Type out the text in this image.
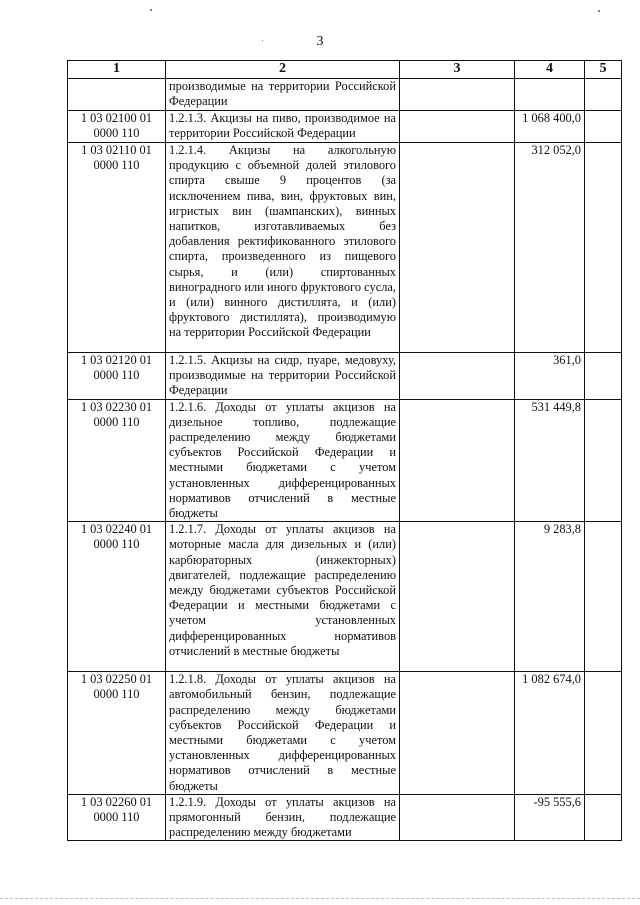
3
1	2	3	4	5

	производимые на территории Российской Федерации			

1 03 02100 01 0000 110	1.2.1.3. Акцизы на пиво, производимое на территории Российской Федерации		1 068 400,0	
1 03 02110 01 0000 110	1.2.1.4. Акцизы на алкогольную продукцию с объемной долей этилового спирта свыше 9 процентов (за исключением пива, вин, фруктовых вин, игристых вин (шампанских), винных напитков, изготавливаемых без добавления ректификованного этилового спирта, произведенного из пищевого сырья, и (или) спиртованных виноградного или иного фруктового сусла, и (или) винного дистиллята, и (или) фруктового дистиллята), производимую на территории Российской Федерации		312 052,0	
1 03 02120 01 0000 110	1.2.1.5. Акцизы на сидр, пуаре, медовуху, производимые на территории Российской Федерации		361,0	
1 03 02230 01 0000 110	1.2.1.6. Доходы от уплаты акцизов на дизельное топливо, подлежащие распределению между бюджетами субъектов Российской Федерации и местными бюджетами с учетом установленных дифференцированных нормативов отчислений в местные бюджеты		531 449,8	
1 03 02240 01 0000 110	1.2.1.7. Доходы от уплаты акцизов на моторные масла для дизельных и (или) карбюраторных (инжекторных) двигателей, подлежащие распределению между бюджетами субъектов Российской Федерации и местными бюджетами с учетом установленных дифференцированных нормативов отчислений в местные бюджеты		9 283,8	
1 03 02250 01 0000 110	1.2.1.8. Доходы от уплаты акцизов на автомобильный бензин, подлежащие распределению между бюджетами субъектов Российской Федерации и местными бюджетами с учетом установленных дифференцированных нормативов отчислений в местные бюджеты		1 082 674,0	
1 03 02260 01 0000 110	1.2.1.9. Доходы от уплаты акцизов на прямогонный бензин, подлежащие распределению между бюджетами		-95 555,6	
